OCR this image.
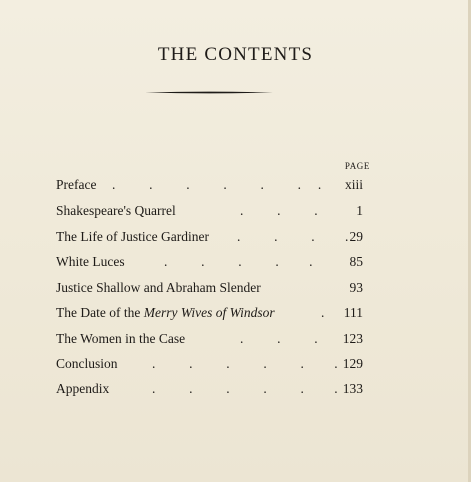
THE CONTENTS
PAGE
Preface .          .          .          .          .          .     . xiii
Shakespeare's Quarrel	.          .          .	1
The Life of Justice Gardiner .          .          .         . 29
White Luces	.          .          .          .         .	85
Justice Shallow and Abraham Slender	93
The Date of the Merry Wives of Windsor	. 111
The Women in the Case	.          .          . 123
Conclusion	.          .          .          .          .         . 129
Appendix	.          .          .          .          .         . 133
